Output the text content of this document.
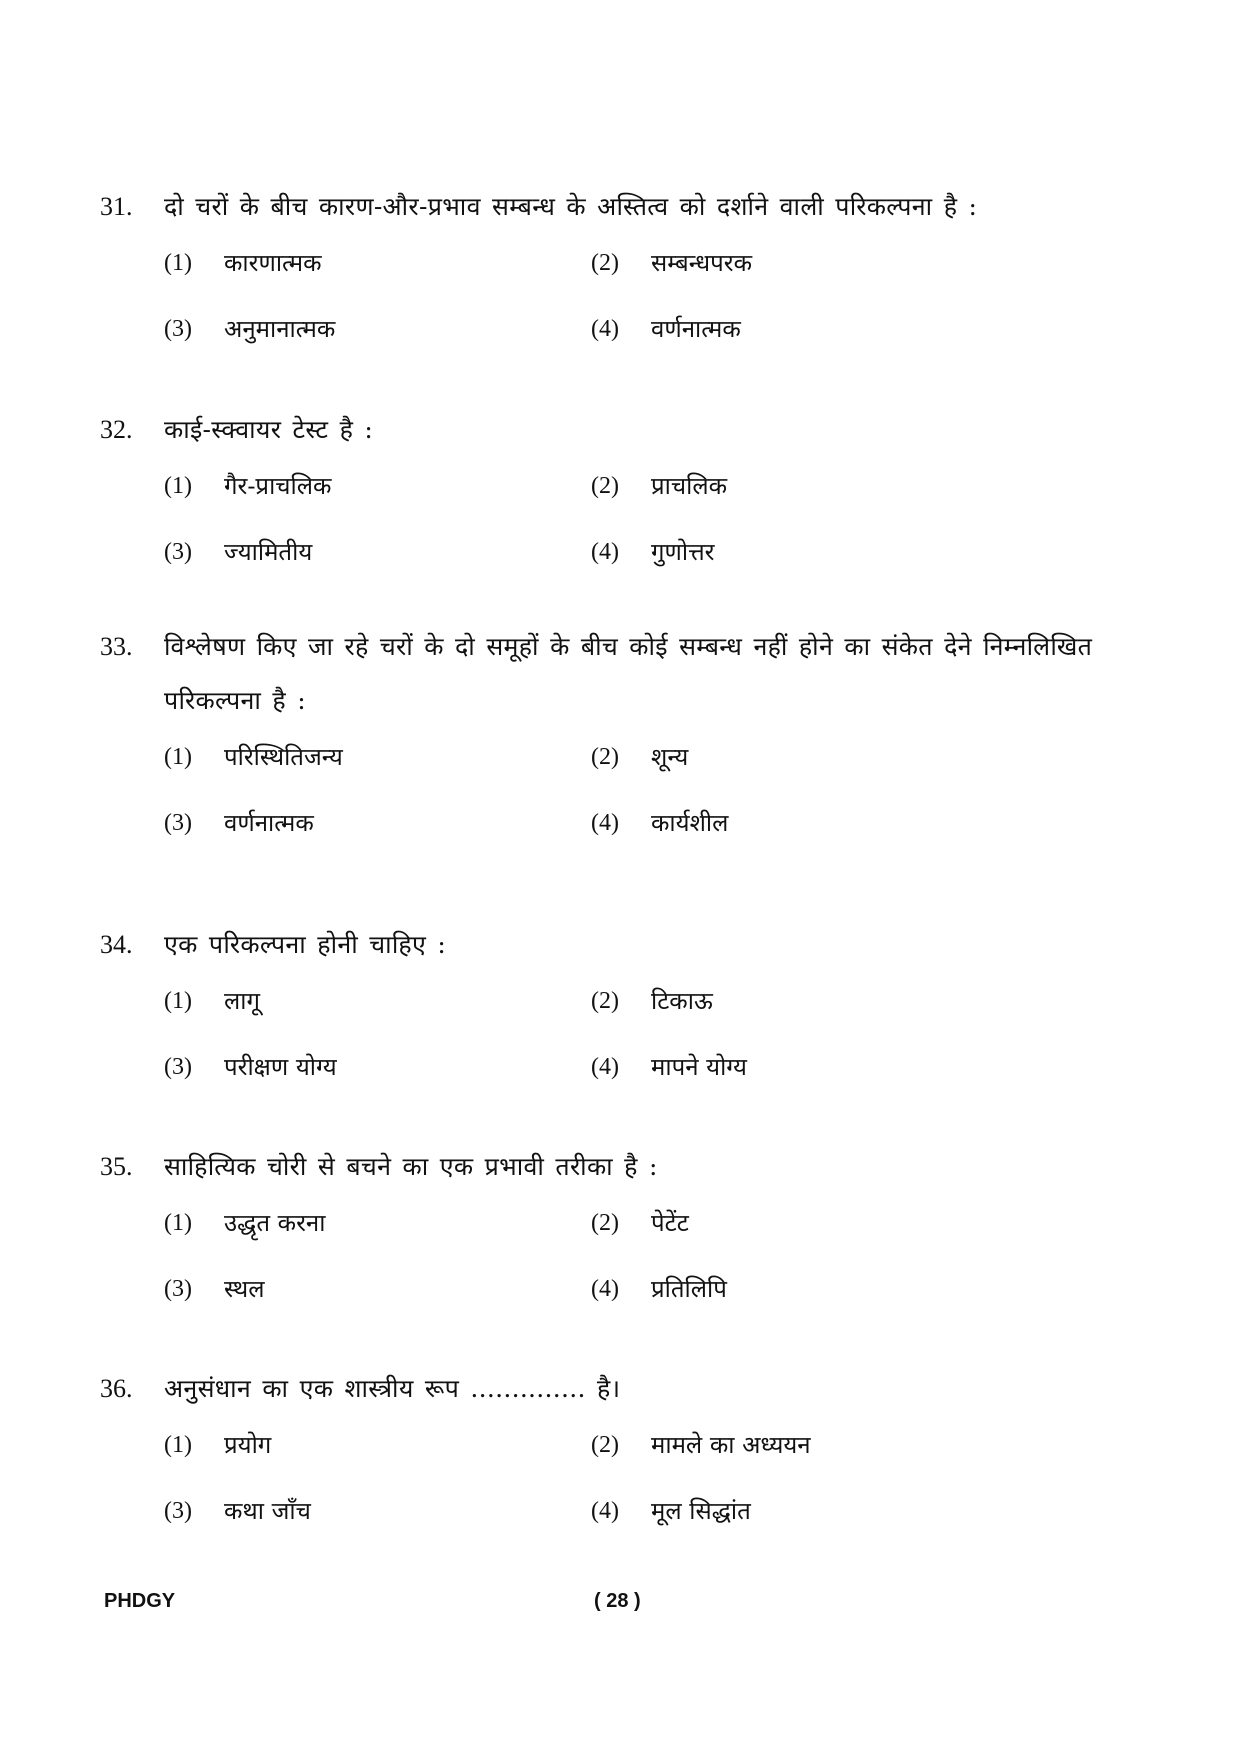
31.	दो चरों के बीच कारण-और-प्रभाव सम्बन्ध के अस्तित्व को दर्शाने वाली परिकल्पना है :
(1)	कारणात्मक	(2)	सम्बन्धपरक
(3)	अनुमानात्मक	(4)	वर्णनात्मक
32.	काई-स्क्वायर टेस्ट है :
(1)	गैर-प्राचलिक	(2)	प्राचलिक
(3)	ज्यामितीय	(4)	गुणोत्तर
33.	विश्लेषण किए जा रहे चरों के दो समूहों के बीच कोई सम्बन्ध नहीं होने का संकेत देने निम्नलिखित परिकल्पना है :
(1)	परिस्थितिजन्य	(2)	शून्य
(3)	वर्णनात्मक	(4)	कार्यशील
34.	एक परिकल्पना होनी चाहिए :
(1)	लागू	(2)	टिकाऊ
(3)	परीक्षण योग्य	(4)	मापने योग्य
35.	साहित्यिक चोरी से बचने का एक प्रभावी तरीका है :
(1)	उद्धृत करना	(2)	पेटेंट
(3)	स्थल	(4)	प्रतिलिपि
36.	अनुसंधान का एक शास्त्रीय रूप .............. है।
(1)	प्रयोग	(2)	मामले का अध्ययन
(3)	कथा जाँच	(4)	मूल सिद्धांत
PHDGY	( 28 )
